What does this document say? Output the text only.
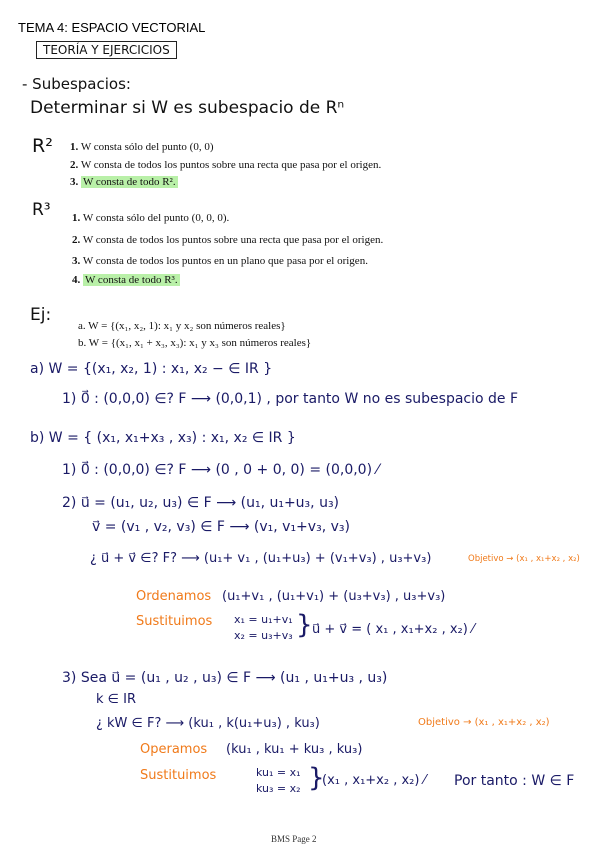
TEMA 4: ESPACIO VECTORIAL
TEORÍA Y EJERCICIOS
- Subespacios:
Determinar si W es subespacio de Rⁿ
R² 1. W consta sólo del punto (0, 0)
2. W consta de todos los puntos sobre una recta que pasa por el origen.
3. W consta de todo R².
R³ 1. W consta sólo del punto (0, 0, 0).
2. W consta de todos los puntos sobre una recta que pasa por el origen.
3. W consta de todos los puntos en un plano que pasa por el origen.
4. W consta de todo R³.
Ej:
a. W = {(x₁, x₂, 1): x₁ y x₂ son números reales}
b. W = {(x₁, x₁ + x₃, x₃): x₁ y x₃ son números reales}
a) W = {(x₁, x₂, 1) : x₁, x₂ − ∈ IR }
1) 0⃗ : (0,0,0) ∈? F ⟶ (0,0,1) , por tanto W no es subespacio de F
b) W = { (x₁, x₁+x₃ , x₃) : x₁, x₂ ∈ IR }
1) 0⃗ : (0,0,0) ∈? F ⟶ (0 , 0 + 0, 0) = (0,0,0) ⁄
2) u⃗ = (u₁, u₂, u₃) ∈ F ⟶ (u₁, u₁+u₃, u₃)
v⃗ = (v₁ , v₂, v₃) ∈ F ⟶ (v₁, v₁+v₃, v₃)
¿ u⃗ + v⃗ ∈? F? ⟶ (u₁+ v₁ , (u₁+u₃) + (v₁+v₃) , u₃+v₃)	Objetivo → (x₁ , x₁+x₂ , x₂)
Ordenamos (u₁+v₁ , (u₁+v₁) + (u₃+v₃) , u₃+v₃)
Sustituimos x₁ = u₁+v₁
x₂ = u₃+v₃ } u⃗ + v⃗ = ( x₁ , x₁+x₂ , x₂) ⁄
3) Sea u⃗ = (u₁ , u₂ , u₃) ∈ F ⟶ (u₁ , u₁+u₃ , u₃)
k ∈ IR
¿ kW ∈ F? ⟶ (ku₁ , k(u₁+u₃) , ku₃)	Objetivo → (x₁ , x₁+x₂ , x₂)
Operamos (ku₁ , ku₁ + ku₃ , ku₃)
Sustituimos	ku₁ = x₁
ku₃ = x₂ }
(x₁ , x₁+x₂ , x₂) ⁄ Por tanto : W ∈ F
BMS Page 2
